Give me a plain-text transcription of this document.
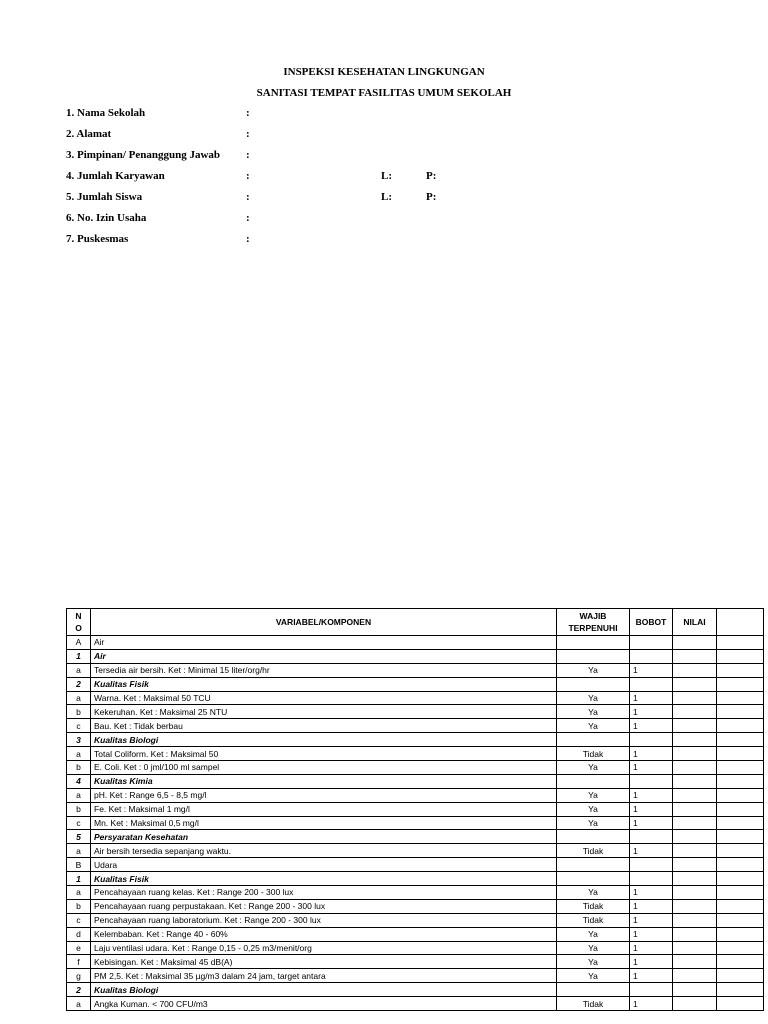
INSPEKSI KESEHATAN LINGKUNGAN
SANITASI TEMPAT FASILITAS UMUM SEKOLAH
1. Nama Sekolah	:
2. Alamat	:
3. Pimpinan/ Penanggung Jawab :
4. Jumlah Karyawan	:	L:	P:
5. Jumlah Siswa	:	L:	P:
6. No. Izin Usaha	:
7. Puskesmas	:
N
O	VARIABEL/KOMPONEN	WAJIB TERPENUHI	BOBOT	NILAI	
A	Air				
1	Air				
a	Tersedia air bersih. Ket : Minimal 15 liter/org/hr	Ya	1		
2	Kualitas Fisik				
a	Warna. Ket : Maksimal 50 TCU	Ya	1		
b	Kekeruhan. Ket : Maksimal 25 NTU	Ya	1		
c	Bau. Ket : Tidak berbau	Ya	1		
3	Kualitas Biologi				
a	Total Coliform. Ket : Maksimal 50	Tidak	1		
b	E. Coli. Ket : 0 jml/100 ml sampel	Ya	1		
4	Kualitas Kimia				
a	pH. Ket : Range 6,5 - 8,5 mg/l	Ya	1		
b	Fe. Ket : Maksimal 1 mg/l	Ya	1		
c	Mn. Ket : Maksimal 0,5 mg/l	Ya	1		
5	Persyaratan Kesehatan				
a	Air bersih tersedia sepanjang waktu.	Tidak	1		
B	Udara				
1	Kualitas Fisik				
a	Pencahayaan ruang kelas. Ket : Range 200 - 300 lux	Ya	1		
b	Pencahayaan ruang perpustakaan. Ket : Range 200 - 300 lux	Tidak	1		
c	Pencahayaan ruang laboratorium. Ket : Range 200 - 300 lux	Tidak	1		
d	Kelembaban. Ket : Range 40 - 60%	Ya	1		
e	Laju ventilasi udara. Ket : Range 0,15 - 0,25 m3/menit/org	Ya	1		
f	Kebisingan. Ket : Maksimal 45 dB(A)	Ya	1		
g	PM 2,5. Ket : Maksimal 35 µg/m3 dalam 24 jam, target antara	Ya	1		
2	Kualitas Biologi				
a	Angka Kuman. < 700 CFU/m3	Tidak	1		
